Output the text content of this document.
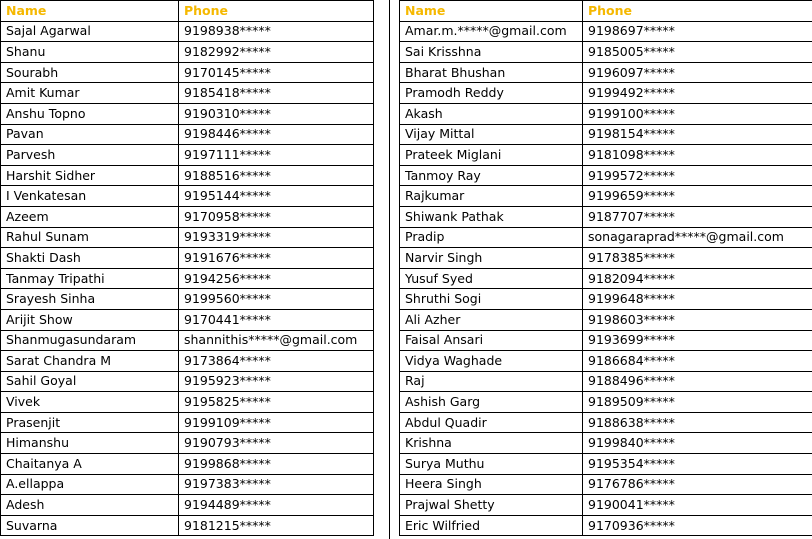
Name	Phone
Sajal Agarwal	9198938*****
Shanu	9182992*****
Sourabh	9170145*****
Amit Kumar	9185418*****
Anshu Topno	9190310*****
Pavan	9198446*****
Parvesh	9197111*****
Harshit Sidher	9188516*****
I Venkatesan	9195144*****
Azeem	9170958*****
Rahul Sunam	9193319*****
Shakti Dash	9191676*****
Tanmay Tripathi	9194256*****
Srayesh Sinha	9199560*****
Arijit Show	9170441*****
Shanmugasundaram	shannithis*****@gmail.com
Sarat Chandra M	9173864*****
Sahil Goyal	9195923*****
Vivek	9195825*****
Prasenjit	9199109*****
Himanshu	9190793*****
Chaitanya A	9199868*****
A.ellappa	9197383*****
Adesh	9194489*****
Suvarna	9181215*****
Name	Phone
Amar.m.*****@gmail.com	9198697*****
Sai Krisshna	9185005*****
Bharat Bhushan	9196097*****
Pramodh Reddy	9199492*****
Akash	9199100*****
Vijay Mittal	9198154*****
Prateek Miglani	9181098*****
Tanmoy Ray	9199572*****
Rajkumar	9199659*****
Shiwank Pathak	9187707*****
Pradip	sonagaraprad*****@gmail.com
Narvir Singh	9178385*****
Yusuf Syed	9182094*****
Shruthi Sogi	9199648*****
Ali Azher	9198603*****
Faisal Ansari	9193699*****
Vidya Waghade	9186684*****
Raj	9188496*****
Ashish Garg	9189509*****
Abdul Quadir	9188638*****
Krishna	9199840*****
Surya Muthu	9195354*****
Heera Singh	9176786*****
Prajwal Shetty	9190041*****
Eric Wilfried	9170936*****
